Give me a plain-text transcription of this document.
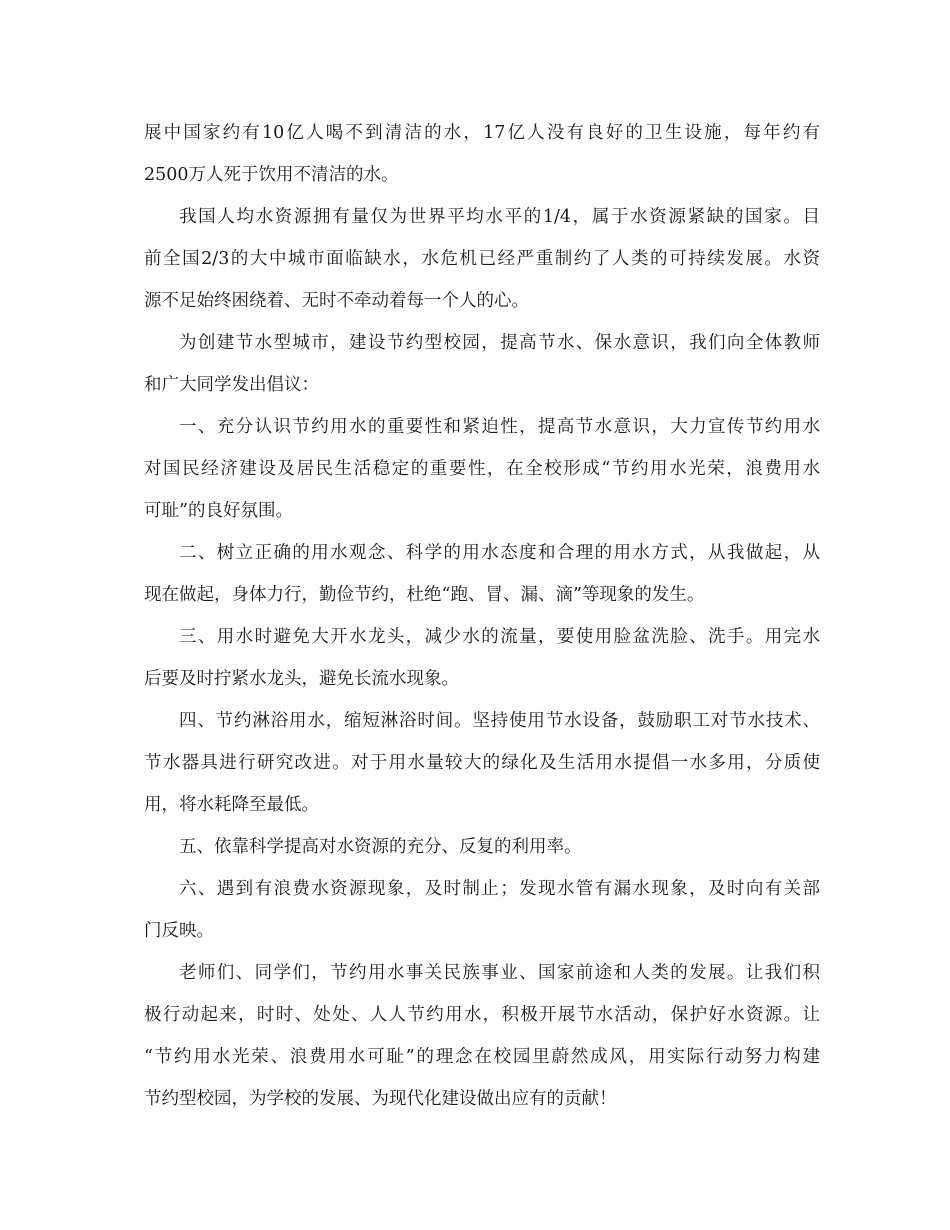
展中国家约有10亿人喝不到清洁的水，17亿人没有良好的卫生设施，每年约有
2500万人死于饮用不清洁的水。
我国人均水资源拥有量仅为世界平均水平的1/4，属于水资源紧缺的国家。目
前全国2/3的大中城市面临缺水，水危机已经严重制约了人类的可持续发展。水资
源不足始终困绕着、无时不牵动着每一个人的心。
为创建节水型城市，建设节约型校园，提高节水、保水意识，我们向全体教师
和广大同学发出倡议：
一、充分认识节约用水的重要性和紧迫性，提高节水意识，大力宣传节约用水
对国民经济建设及居民生活稳定的重要性，在全校形成“节约用水光荣，浪费用水
可耻”的良好氛围。
二、树立正确的用水观念、科学的用水态度和合理的用水方式，从我做起，从
现在做起，身体力行，勤俭节约，杜绝“跑、冒、漏、滴”等现象的发生。
三、用水时避免大开水龙头，减少水的流量，要使用脸盆洗脸、洗手。用完水
后要及时拧紧水龙头，避免长流水现象。
四、节约淋浴用水，缩短淋浴时间。坚持使用节水设备，鼓励职工对节水技术、
节水器具进行研究改进。对于用水量较大的绿化及生活用水提倡一水多用，分质使
用，将水耗降至最低。
五、依靠科学提高对水资源的充分、反复的利用率。
六、遇到有浪费水资源现象，及时制止；发现水管有漏水现象，及时向有关部
门反映。
老师们、同学们，节约用水事关民族事业、国家前途和人类的发展。让我们积
极行动起来，时时、处处、人人节约用水，积极开展节水活动，保护好水资源。让
“节约用水光荣、浪费用水可耻”的理念在校园里蔚然成风，用实际行动努力构建
节约型校园，为学校的发展、为现代化建设做出应有的贡献！
